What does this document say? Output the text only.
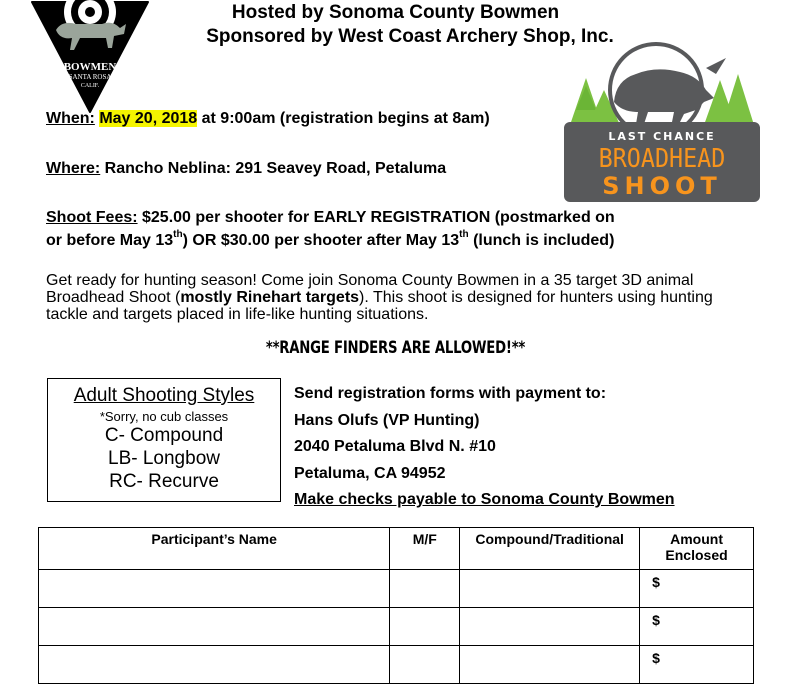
BOWMEN
SANTA ROSA
CALIF.
Hosted by Sonoma County Bowmen
Sponsored by West Coast Archery Shop, Inc.
LAST CHANCE
BROADHEAD
SHOOT
When: May 20, 2018 at 9:00am (registration begins at 8am)
Where: Rancho Neblina: 291 Seavey Road, Petaluma
Shoot Fees: $25.00 per shooter for EARLY REGISTRATION (postmarked on
or before May 13th) OR $30.00 per shooter after May 13th (lunch is included)
Get ready for hunting season! Come join Sonoma County Bowmen in a 35 target 3D animal Broadhead Shoot (mostly Rinehart targets). This shoot is designed for hunters using hunting tackle and targets placed in life-like hunting situations.
**RANGE FINDERS ARE ALLOWED!**
Adult Shooting Styles
*Sorry, no cub classes
C- Compound
LB- Longbow
RC- Recurve
Send registration forms with payment to:
Hans Olufs (VP Hunting)
2040 Petaluma Blvd N. #10
Petaluma, CA 94952
Make checks payable to Sonoma County Bowmen
Participant’s Name	M/F	Compound/Traditional	Amount Enclosed

			$

			$

			$
